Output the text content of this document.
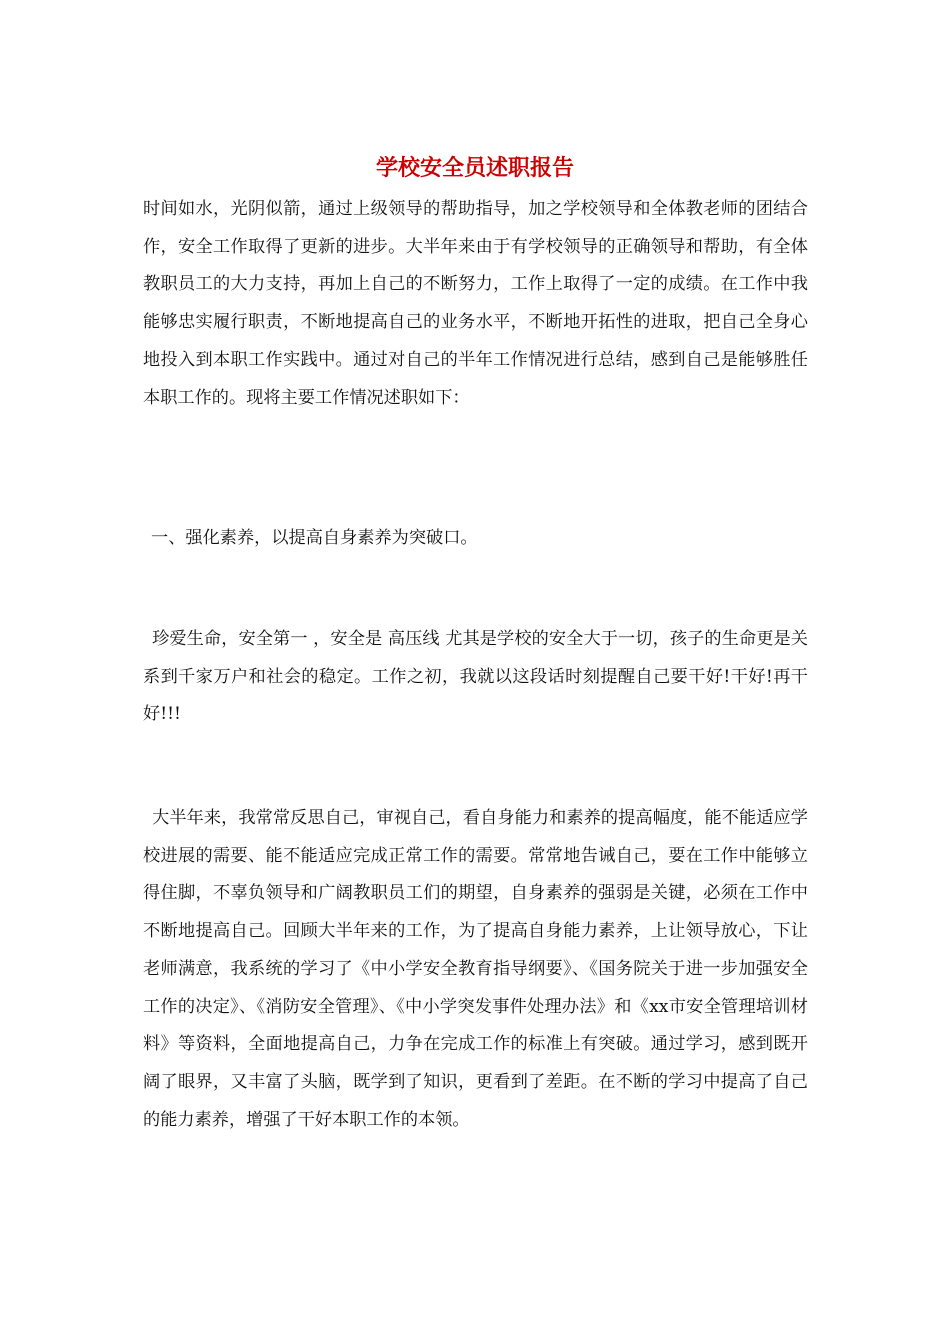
学校安全员述职报告

时间如水，光阴似箭，通过上级领导的帮助指导，加之学校领导和全体教老师的团结合作，安全工作取得了更新的进步。大半年来由于有学校领导的正确领导和帮助，有全体教职员工的大力支持，再加上自己的不断努力，工作上取得了一定的成绩。在工作中我能够忠实履行职责，不断地提高自己的业务水平，不断地开拓性的进取，把自己全身心地投入到本职工作实践中。通过对自己的半年工作情况进行总结，感到自己是能够胜任本职工作的。现将主要工作情况述职如下：

一、强化素养，以提高自身素养为突破口。

珍爱生命，安全第一 ，安全是 高压线 尤其是学校的安全大于一切，孩子的生命更是关系到千家万户和社会的稳定。工作之初，我就以这段话时刻提醒自己要干好!干好!再干好!!!

大半年来，我常常反思自己，审视自己，看自身能力和素养的提高幅度，能不能适应学校进展的需要、能不能适应完成正常工作的需要。常常地告诫自己，要在工作中能够立得住脚，不辜负领导和广阔教职员工们的期望，自身素养的强弱是关键，必须在工作中不断地提高自己。回顾大半年来的工作，为了提高自身能力素养，上让领导放心，下让老师满意，我系统的学习了《中小学安全教育指导纲要》、《国务院关于进一步加强安全工作的决定》、《消防安全管理》、《中小学突发事件处理办法》和《xx市安全管理培训材料》等资料，全面地提高自己，力争在完成工作的标准上有突破。通过学习，感到既开阔了眼界，又丰富了头脑，既学到了知识，更看到了差距。在不断的学习中提高了自己的能力素养，增强了干好本职工作的本领。
